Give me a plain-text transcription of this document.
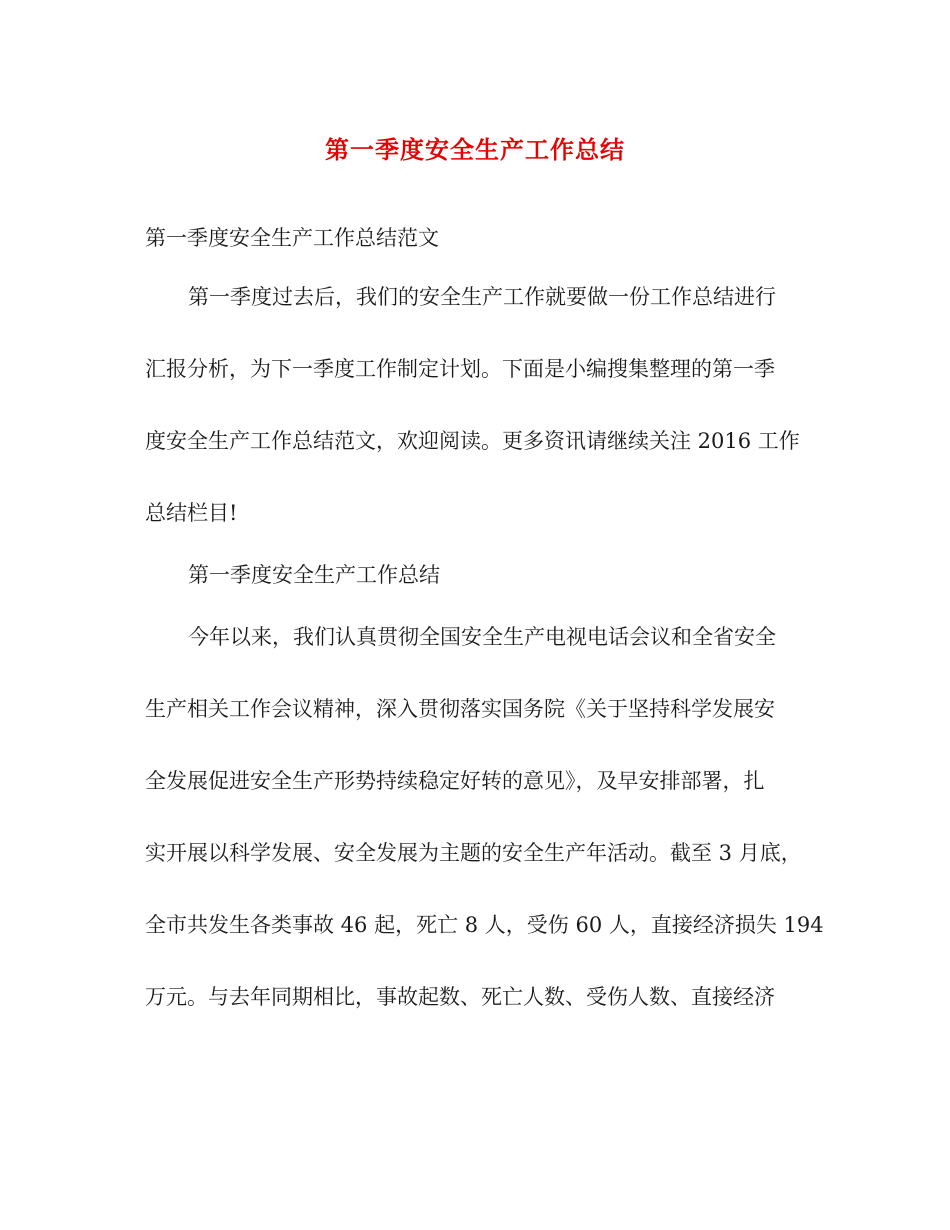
第一季度安全生产工作总结
第一季度安全生产工作总结范文
第一季度过去后，我们的安全生产工作就要做一份工作总结进行
汇报分析，为下一季度工作制定计划。下面是小编搜集整理的第一季
度安全生产工作总结范文，欢迎阅读。更多资讯请继续关注 2016 工作
总结栏目!
第一季度安全生产工作总结
今年以来，我们认真贯彻全国安全生产电视电话会议和全省安全
生产相关工作会议精神，深入贯彻落实国务院《关于坚持科学发展安
全发展促进安全生产形势持续稳定好转的意见》，及早安排部署，扎
实开展以科学发展、安全发展为主题的安全生产年活动。截至 3 月底，
全市共发生各类事故 46 起，死亡 8 人，受伤 60 人，直接经济损失 194
万元。与去年同期相比，事故起数、死亡人数、受伤人数、直接经济
